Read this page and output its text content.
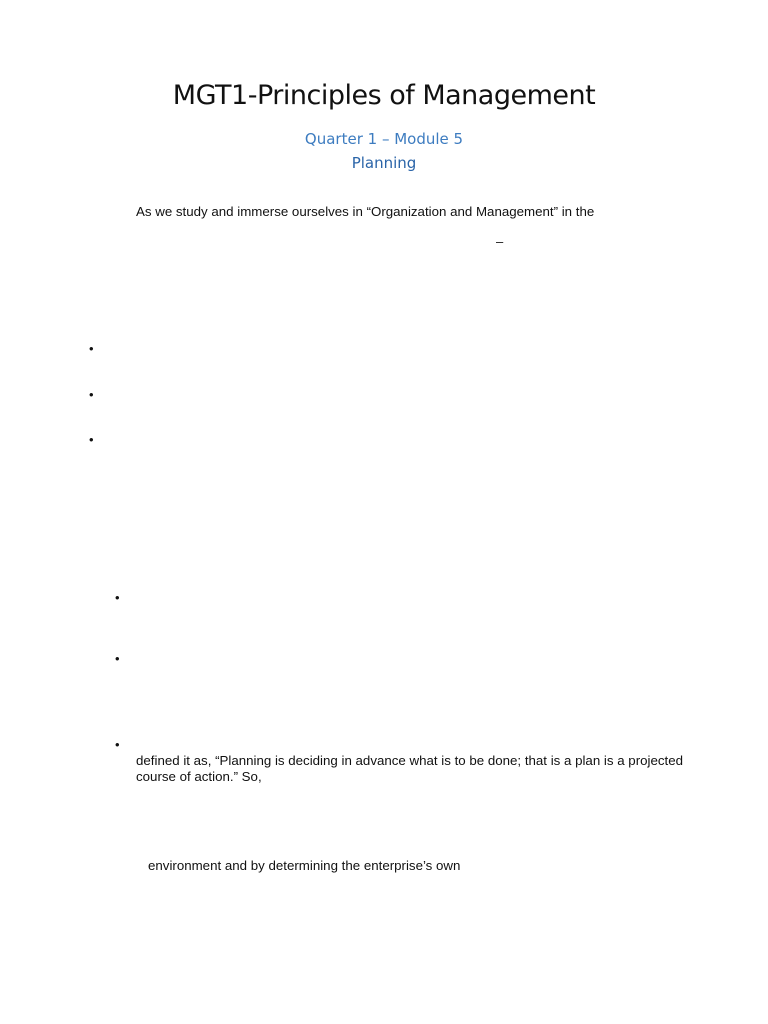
MGT1-Principles of Management
Quarter 1 – Module 5
Planning
As we study and immerse ourselves in “Organization and Management” in the
–
•
•
•
•
•
•
defined it as, “Planning is deciding in advance what is to be done; that is a plan is a projected course of action.” So,
environment and by determining the enterprise’s own
